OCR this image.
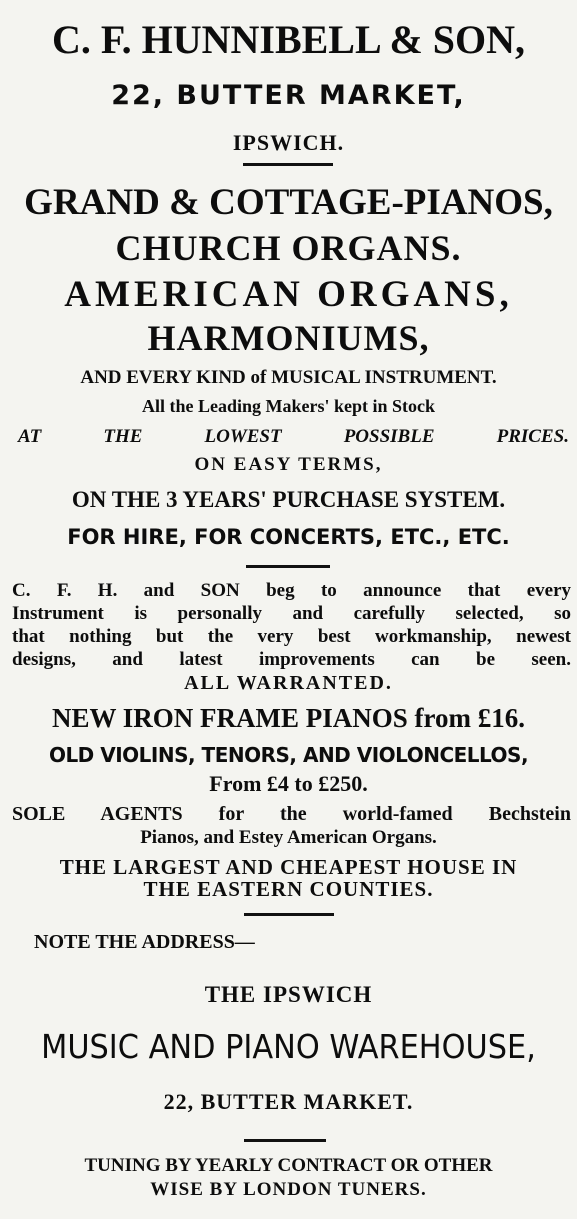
C. F. HUNNIBELL & SON,
22, BUTTER MARKET,
IPSWICH.
GRAND & COTTAGE-PIANOS,
CHURCH ORGANS.
AMERICAN ORGANS,
HARMONIUMS,
AND EVERY KIND of MUSICAL INSTRUMENT.
All the Leading Makers' kept in Stock
AT	THE	LOWEST	POSSIBLE	PRICES.
ON EASY TERMS,
ON THE 3 YEARS' PURCHASE SYSTEM.
FOR HIRE, FOR CONCERTS, ETC., ETC.
C. F. H. and SON beg to announce that every
Instrument is personally and carefully selected, so
that nothing but the very best workmanship, newest
designs, and latest improvements can be seen.
ALL WARRANTED.
NEW IRON FRAME PIANOS from £16.
OLD VIOLINS, TENORS, AND VIOLONCELLOS,
From £4 to £250.
SOLE AGENTS for the world-famed Bechstein
Pianos, and Estey American Organs.
THE LARGEST AND CHEAPEST HOUSE IN
THE EASTERN COUNTIES.
NOTE THE ADDRESS—
THE IPSWICH
MUSIC AND PIANO WAREHOUSE,
22, BUTTER MARKET.
TUNING BY YEARLY CONTRACT OR OTHER
WISE BY LONDON TUNERS.
